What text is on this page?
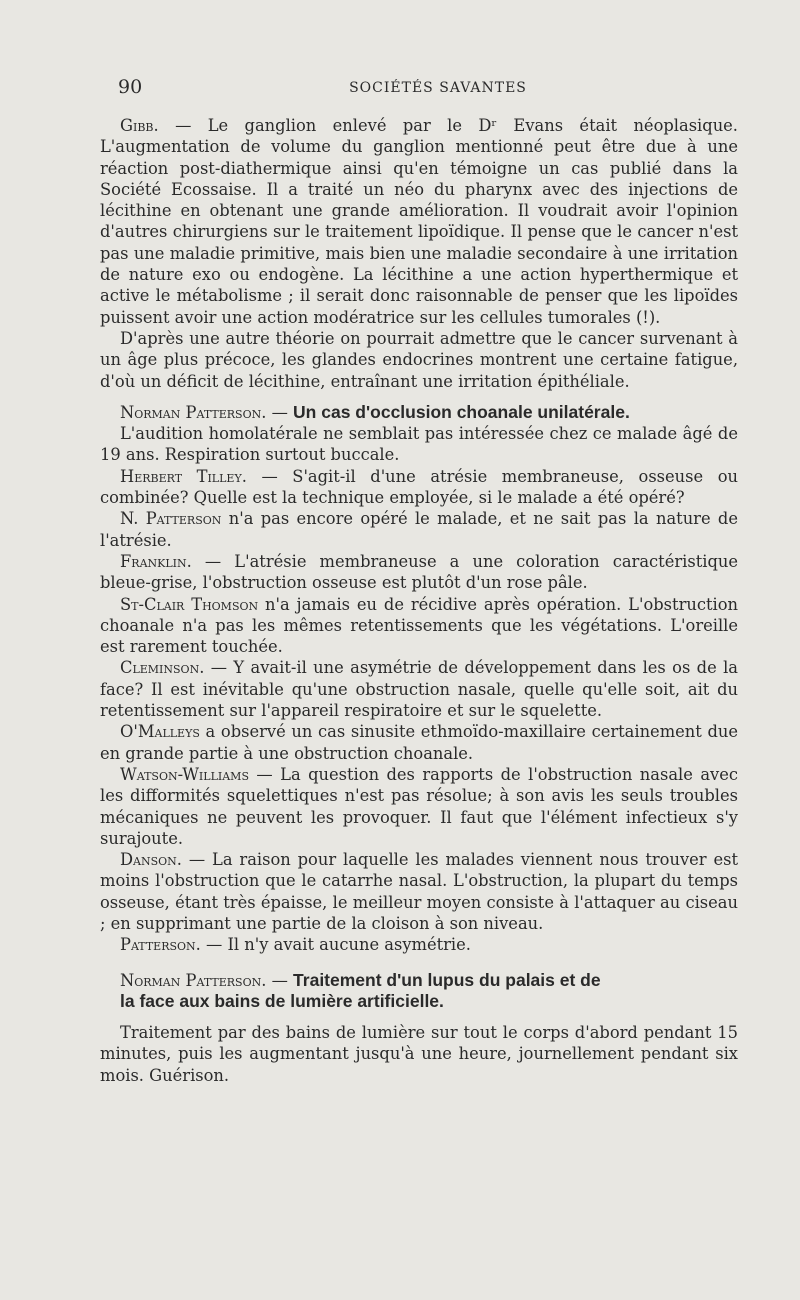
90	SOCIÉTÉS SAVANTES

Gibb. — Le ganglion enlevé par le Dʳ Evans était néoplasique. L'augmentation de volume du ganglion mentionné peut être due à une réaction post-diathermique ainsi qu'en témoigne un cas publié dans la Société Ecossaise. Il a traité un néo du pharynx avec des injections de lécithine en obtenant une grande amélioration. Il voudrait avoir l'opinion d'autres chirurgiens sur le traitement lipoïdique. Il pense que le cancer n'est pas une maladie primitive, mais bien une maladie secondaire à une irritation de nature exo ou endogène. La lécithine a une action hyperthermique et active le métabolisme ; il serait donc raisonnable de penser que les lipoïdes puissent avoir une action modératrice sur les cellules tumorales (!).

D'après une autre théorie on pourrait admettre que le cancer survenant à un âge plus précoce, les glandes endocrines montrent une certaine fatigue, d'où un déficit de lécithine, entraînant une irritation épithéliale.

Norman Patterson. — Un cas d'occlusion choanale unilatérale.

L'audition homolatérale ne semblait pas intéressée chez ce malade âgé de 19 ans. Respiration surtout buccale.

Herbert Tilley. — S'agit-il d'une atrésie membraneuse, osseuse ou combinée? Quelle est la technique employée, si le malade a été opéré?

N. Patterson n'a pas encore opéré le malade, et ne sait pas la nature de l'atrésie.

Franklin. — L'atrésie membraneuse a une coloration caractéristique bleue-grise, l'obstruction osseuse est plutôt d'un rose pâle.

St-Clair Thomson n'a jamais eu de récidive après opération. L'obstruction choanale n'a pas les mêmes retentissements que les végétations. L'oreille est rarement touchée.

Cleminson. — Y avait-il une asymétrie de développement dans les os de la face? Il est inévitable qu'une obstruction nasale, quelle qu'elle soit, ait du retentissement sur l'appareil respiratoire et sur le squelette.

O'Malleys a observé un cas sinusite ethmoïdo-maxillaire certainement due en grande partie à une obstruction choanale.

Watson-Williams — La question des rapports de l'obstruction nasale avec les difformités squelettiques n'est pas résolue; à son avis les seuls troubles mécaniques ne peuvent les provoquer. Il faut que l'élément infectieux s'y surajoute.

Danson. — La raison pour laquelle les malades viennent nous trouver est moins l'obstruction que le catarrhe nasal. L'obstruction, la plupart du temps osseuse, étant très épaisse, le meilleur moyen consiste à l'attaquer au ciseau ; en supprimant une partie de la cloison à son niveau.

Patterson. — Il n'y avait aucune asymétrie.

Norman Patterson. — Traitement d'un lupus du palais et de

la face aux bains de lumière artificielle.

Traitement par des bains de lumière sur tout le corps d'abord pendant 15 minutes, puis les augmentant jusqu'à une heure, journellement pendant six mois. Guérison.
